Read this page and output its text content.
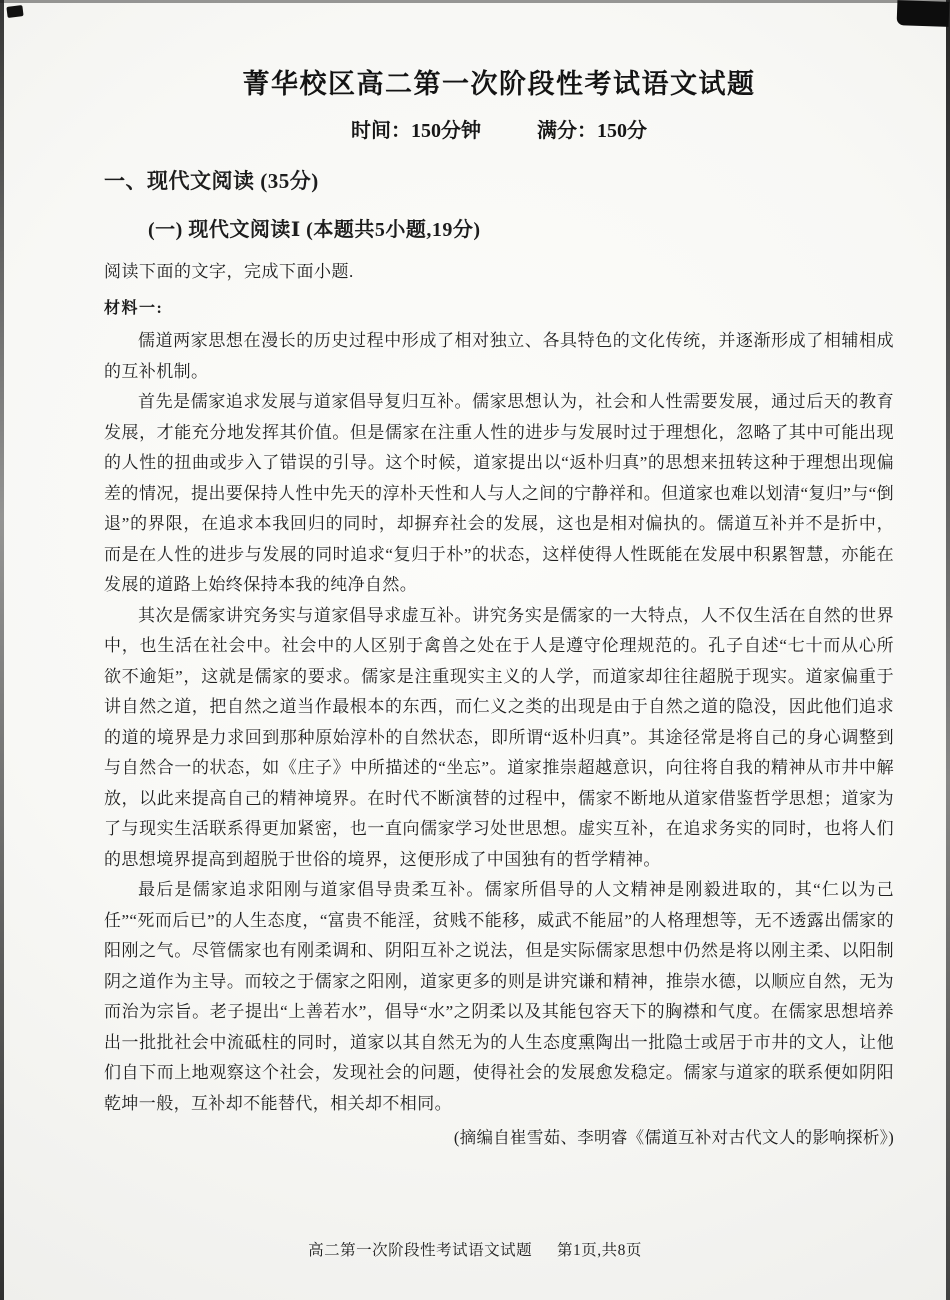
菁华校区高二第一次阶段性考试语文试题
时间：150分钟	满分：150分
一、现代文阅读 (35分)
(一) 现代文阅读Ⅰ (本题共5小题,19分)

阅读下面的文字，完成下面小题.

材料一:

儒道两家思想在漫长的历史过程中形成了相对独立、各具特色的文化传统，并逐渐形成了相辅相成的互补机制。

首先是儒家追求发展与道家倡导复归互补。儒家思想认为，社会和人性需要发展，通过后天的教育发展，才能充分地发挥其价值。但是儒家在注重人性的进步与发展时过于理想化，忽略了其中可能出现的人性的扭曲或步入了错误的引导。这个时候，道家提出以“返朴归真”的思想来扭转这种于理想出现偏差的情况，提出要保持人性中先天的淳朴天性和人与人之间的宁静祥和。但道家也难以划清“复归”与“倒退”的界限，在追求本我回归的同时，却摒弃社会的发展，这也是相对偏执的。儒道互补并不是折中，而是在人性的进步与发展的同时追求“复归于朴”的状态，这样使得人性既能在发展中积累智慧，亦能在发展的道路上始终保持本我的纯净自然。

其次是儒家讲究务实与道家倡导求虚互补。讲究务实是儒家的一大特点，人不仅生活在自然的世界中，也生活在社会中。社会中的人区别于禽兽之处在于人是遵守伦理规范的。孔子自述“七十而从心所欲不逾矩”，这就是儒家的要求。儒家是注重现实主义的人学，而道家却往往超脱于现实。道家偏重于讲自然之道，把自然之道当作最根本的东西，而仁义之类的出现是由于自然之道的隐没，因此他们追求的道的境界是力求回到那种原始淳朴的自然状态，即所谓“返朴归真”。其途径常是将自己的身心调整到与自然合一的状态，如《庄子》中所描述的“坐忘”。道家推崇超越意识，向往将自我的精神从市井中解放，以此来提高自己的精神境界。在时代不断演替的过程中，儒家不断地从道家借鉴哲学思想；道家为了与现实生活联系得更加紧密，也一直向儒家学习处世思想。虚实互补，在追求务实的同时，也将人们的思想境界提高到超脱于世俗的境界，这便形成了中国独有的哲学精神。

最后是儒家追求阳刚与道家倡导贵柔互补。儒家所倡导的人文精神是刚毅进取的，其“仁以为己任”“死而后已”的人生态度，“富贵不能淫，贫贱不能移，威武不能屈”的人格理想等，无不透露出儒家的阳刚之气。尽管儒家也有刚柔调和、阴阳互补之说法，但是实际儒家思想中仍然是将以刚主柔、以阳制阴之道作为主导。而较之于儒家之阳刚，道家更多的则是讲究谦和精神，推崇水德，以顺应自然，无为而治为宗旨。老子提出“上善若水”，倡导“水”之阴柔以及其能包容天下的胸襟和气度。在儒家思想培养出一批批社会中流砥柱的同时，道家以其自然无为的人生态度熏陶出一批隐士或居于市井的文人，让他们自下而上地观察这个社会，发现社会的问题，使得社会的发展愈发稳定。儒家与道家的联系便如阴阳乾坤一般，互补却不能替代，相关却不相同。

(摘编自崔雪茹、李明睿《儒道互补对古代文人的影响探析》)

高二第一次阶段性考试语文试题 第1页,共8页
